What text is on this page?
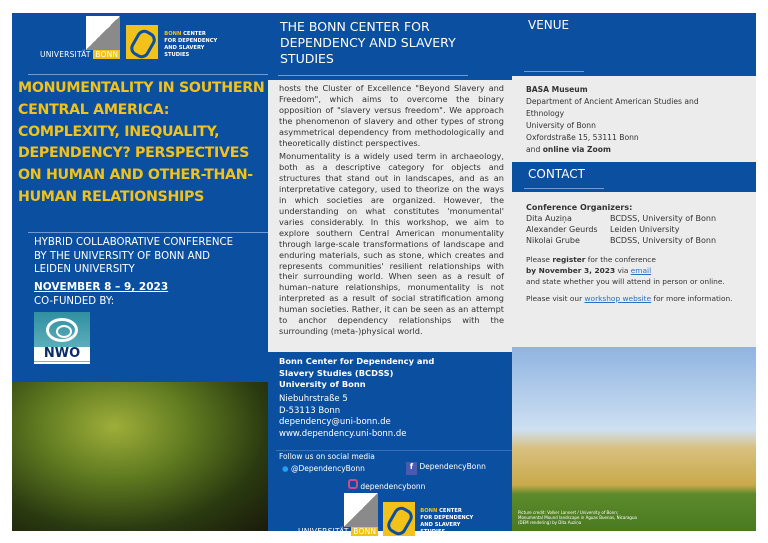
UNIVERSITÄT BONN
BONN CENTER
FOR DEPENDENCY
AND SLAVERY
STUDIES
MONUMENTALITY IN SOUTHERN CENTRAL AMERICA: COMPLEXITY, INEQUALITY, DEPENDENCY? PERSPECTIVES ON HUMAN AND OTHER-THAN-HUMAN RELATIONSHIPS
HYBRID COLLABORATIVE CONFERENCE
BY THE UNIVERSITY OF BONN AND
LEIDEN UNIVERSITY
NOVEMBER 8 – 9, 2023
CO-FUNDED BY:
NWO
THE BONN CENTER FOR DEPENDENCY AND SLAVERY STUDIES

hosts the Cluster of Excellence "Beyond Slavery and Freedom", which aims to overcome the binary opposition of "slavery versus freedom". We approach the phenomenon of slavery and other types of strong asymmetrical dependency from methodologically and theoretically distinct perspectives.

Monumentality is a widely used term in archaeology, both as a descriptive category for objects and structures that stand out in landscapes, and as an interpretative category, used to theorize on the ways in which societies are organized. However, the understanding on what constitutes 'monumental' varies considerably. In this workshop, we aim to explore southern Central American monumentality through large-scale transformations of landscape and enduring materials, such as stone, which creates and represents communities' resilient relationships with their surrounding world. When seen as a result of human–nature relationships, monumentality is not interpreted as a result of social stratification among human societies. Rather, it can be seen as an attempt to anchor dependency relationships with the surrounding (meta-)physical world.

Bonn Center for Dependency and
Slavery Studies (BCDSS)
University of Bonn
Niebuhrstraße 5
D-53113 Bonn
dependency@uni-bonn.de
www.dependency.uni-bonn.de
Follow us on social media
● @DependencyBonn	f DependencyBonn
dependencybonn
UNIVERSITÄT BONN
BONN CENTER
FOR DEPENDENCY
AND SLAVERY
STUDIES
VENUE
BASA Museum
Department of Ancient American Studies and
Ethnology
University of Bonn
Oxfordstraße 15, 53111 Bonn
and online via Zoom
CONTACT
Conference Organizers:
Dita Auziņa	BCDSS, University of Bonn
Alexander Geurds	Leiden University
Nikolai Grube	BCDSS, University of Bonn
Please register for the conference
by November 3, 2023 via email
and state whether you will attend in person or online.
Please visit our workshop website for more information.
Picture credit: Volker Lannert / University of Bonn;
Monumental Mound landscape in Aguas Buenas, Nicaragua
(DEM rendering) by Dita Auziņa
